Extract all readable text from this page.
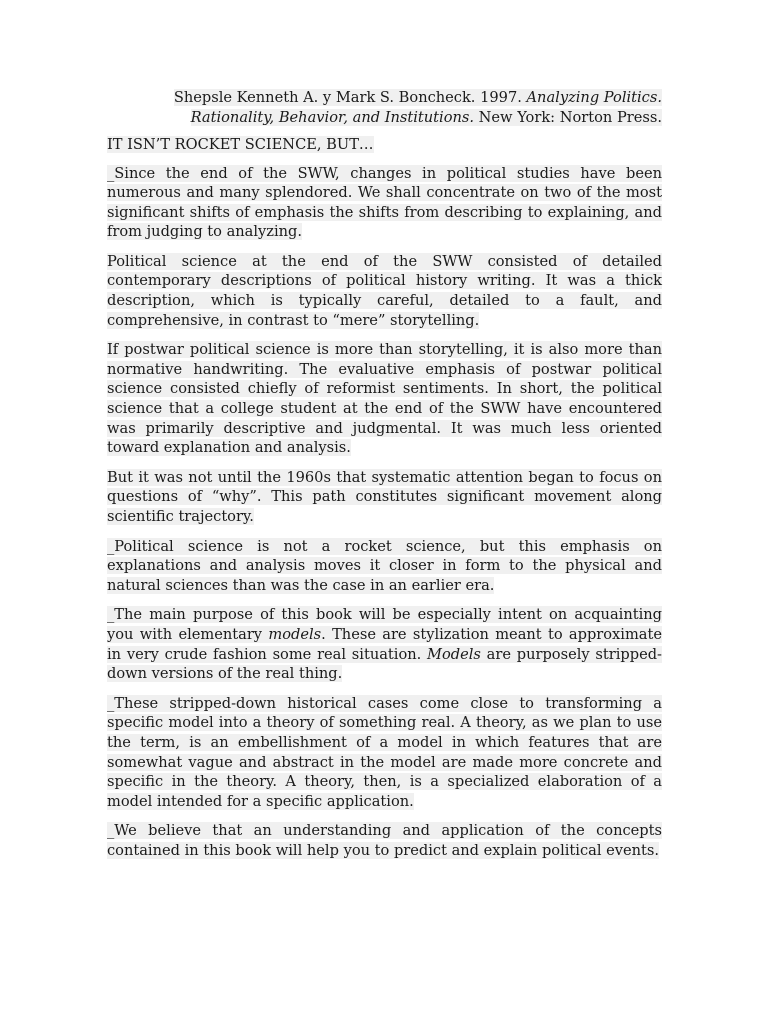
Shepsle Kenneth A. y Mark S. Boncheck. 1997. Analyzing Politics.
Rationality, Behavior, and Institutions. New York: Norton Press.

IT ISN’T ROCKET SCIENCE, BUT…

_Since the end of the SWW, changes in political studies have been numerous and many splendored. We shall concentrate on two of the most significant shifts of emphasis the shifts from describing to explaining, and from judging to analyzing.

Political science at the end of the SWW consisted of detailed contemporary descriptions of political history writing. It was a thick description, which is typically careful, detailed to a fault, and comprehensive, in contrast to “mere” storytelling.

If postwar political science is more than storytelling, it is also more than normative handwriting. The evaluative emphasis of postwar political science consisted chiefly of reformist sentiments. In short, the political science that a college student at the end of the SWW have encountered was primarily descriptive and judgmental. It was much less oriented toward explanation and analysis.

But it was not until the 1960s that systematic attention began to focus on questions of “why”. This path constitutes significant movement along scientific trajectory.

_Political science is not a rocket science, but this emphasis on explanations and analysis moves it closer in form to the physical and natural sciences than was the case in an earlier era.

_The main purpose of this book will be especially intent on acquainting you with elementary models. These are stylization meant to approximate in very crude fashion some real situation. Models are purposely stripped-down versions of the real thing.

_These stripped-down historical cases come close to transforming a specific model into a theory of something real. A theory, as we plan to use the term, is an embellishment of a model in which features that are somewhat vague and abstract in the model are made more concrete and specific in the theory. A theory, then, is a specialized elaboration of a model intended for a specific application.

_We believe that an understanding and application of the concepts contained in this book will help you to predict and explain political events.
